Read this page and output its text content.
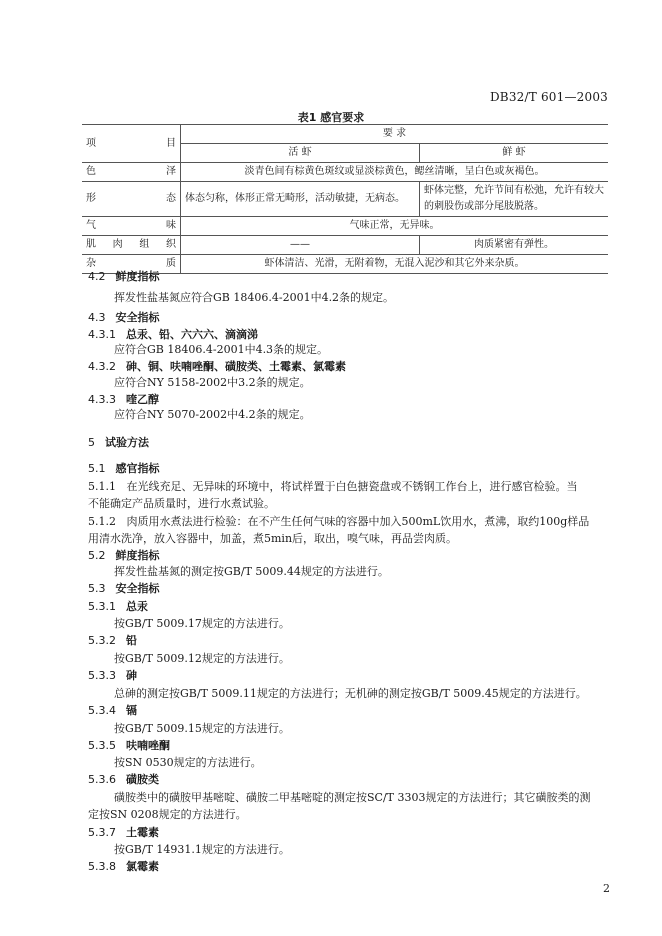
DB32/T 601—2003
表1 感官要求
项 目	要 求	
	活 虾	鲜 虾
色泽	淡青色间有棕黄色斑纹或显淡棕黄色，鳃丝清晰，呈白色或灰褐色。	
形态	体态匀称，体形正常无畸形，活动敏捷，无病态。	虾体完整，允许节间有松弛，允许有较大的刺股伤或部分尾肢脱落。
气味	气味正常，无异味。	
肌肉组织	——	肉质紧密有弹性。
杂质	虾体清洁、光滑，无附着物，无混入泥沙和其它外来杂质。	
4.2 鲜度指标
挥发性盐基氮应符合GB 18406.4-2001中4.2条的规定。
4.3 安全指标
4.3.1 总汞、铅、六六六、滴滴涕
应符合GB 18406.4-2001中4.3条的规定。
4.3.2 砷、铜、呋喃唑酮、磺胺类、土霉素、氯霉素
应符合NY 5158-2002中3.2条的规定。
4.3.3 喹乙醇
应符合NY 5070-2002中4.2条的规定。
5 试验方法
5.1 感官指标
5.1.1 在光线充足、无异味的环境中，将试样置于白色搪瓷盘或不锈钢工作台上，进行感官检验。当
不能确定产品质量时，进行水煮试验。
5.1.2 肉质用水煮法进行检验：在不产生任何气味的容器中加入500mL饮用水，煮沸，取约100g样品
用清水洗净，放入容器中，加盖，煮5min后，取出，嗅气味，再品尝肉质。
5.2 鲜度指标
挥发性盐基氮的测定按GB/T 5009.44规定的方法进行。
5.3 安全指标
5.3.1 总汞
按GB/T 5009.17规定的方法进行。
5.3.2 铅
按GB/T 5009.12规定的方法进行。
5.3.3 砷
总砷的测定按GB/T 5009.11规定的方法进行；无机砷的测定按GB/T 5009.45规定的方法进行。
5.3.4 镉
按GB/T 5009.15规定的方法进行。
5.3.5 呋喃唑酮
按SN 0530规定的方法进行。
5.3.6 磺胺类
磺胺类中的磺胺甲基嘧啶、磺胺二甲基嘧啶的测定按SC/T 3303规定的方法进行；其它磺胺类的测
定按SN 0208规定的方法进行。
5.3.7 土霉素
按GB/T 14931.1规定的方法进行。
5.3.8 氯霉素
2
